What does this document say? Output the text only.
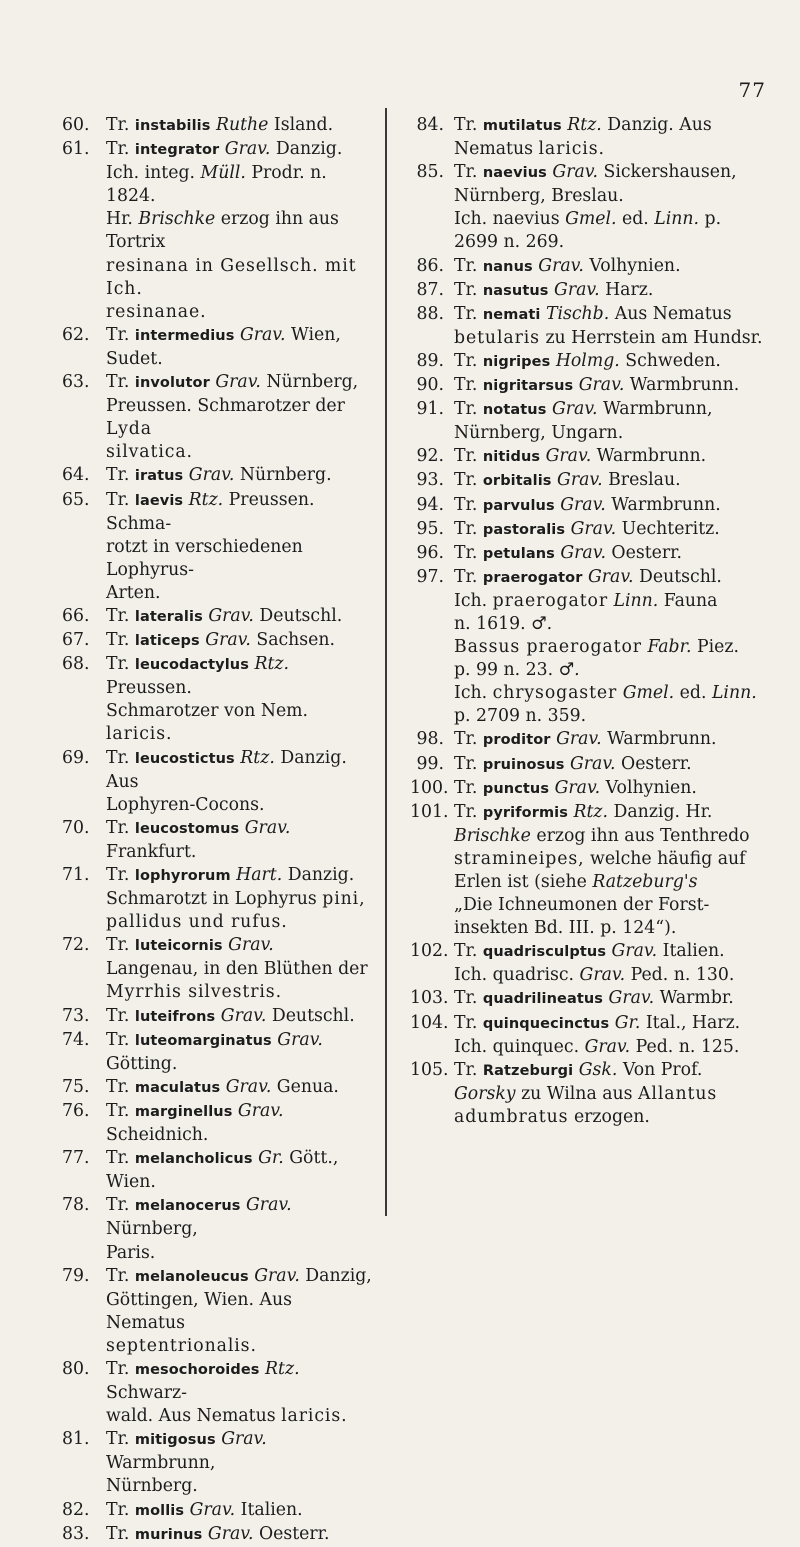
77
60. Tr. instabilis Ruthe Island.
61. Tr. integrator Grav. Danzig.
Ich. integ. Müll. Prodr. n. 1824.
Hr. Brischke erzog ihn aus Tortrix
resinana in Gesellsch. mit Ich.
resinanae.
62. Tr. intermedius Grav. Wien, Sudet.
63. Tr. involutor Grav. Nürnberg,
Preussen. Schmarotzer der Lyda
silvatica.
64. Tr. iratus Grav. Nürnberg.
65. Tr. laevis Rtz. Preussen. Schma-
rotzt in verschiedenen Lophyrus-
Arten.
66. Tr. lateralis Grav. Deutschl.
67. Tr. laticeps Grav. Sachsen.
68. Tr. leucodactylus Rtz. Preussen.
Schmarotzer von Nem. laricis.
69. Tr. leucostictus Rtz. Danzig. Aus
Lophyren-Cocons.
70. Tr. leucostomus Grav. Frankfurt.
71. Tr. lophyrorum Hart. Danzig.
Schmarotzt in Lophyrus pini,
pallidus und rufus.
72. Tr. luteicornis Grav.
Langenau, in den Blüthen der
Myrrhis silvestris.
73. Tr. luteifrons Grav. Deutschl.
74. Tr. luteomarginatus Grav. Götting.
75. Tr. maculatus Grav. Genua.
76. Tr. marginellus Grav. Scheidnich.
77. Tr. melancholicus Gr. Gött., Wien.
78. Tr. melanocerus Grav. Nürnberg,
Paris.
79. Tr. melanoleucus Grav. Danzig,
Göttingen, Wien. Aus Nematus
septentrionalis.
80. Tr. mesochoroides Rtz. Schwarz-
wald. Aus Nematus laricis.
81. Tr. mitigosus Grav. Warmbrunn,
Nürnberg.
82. Tr. mollis Grav. Italien.
83. Tr. murinus Grav. Oesterr.
84. Tr. mutilatus Rtz. Danzig. Aus
Nematus laricis.
85. Tr. naevius Grav. Sickershausen,
Nürnberg, Breslau.
Ich. naevius Gmel. ed. Linn. p.
2699 n. 269.
86. Tr. nanus Grav. Volhynien.
87. Tr. nasutus Grav. Harz.
88. Tr. nemati Tischb. Aus Nematus
betularis zu Herrstein am Hundsr.
89. Tr. nigripes Holmg. Schweden.
90. Tr. nigritarsus Grav. Warmbrunn.
91. Tr. notatus Grav. Warmbrunn,
Nürnberg, Ungarn.
92. Tr. nitidus Grav. Warmbrunn.
93. Tr. orbitalis Grav. Breslau.
94. Tr. parvulus Grav. Warmbrunn.
95. Tr. pastoralis Grav. Uechteritz.
96. Tr. petulans Grav. Oesterr.
97. Tr. praerogator Grav. Deutschl.
Ich. praerogator Linn. Fauna
n. 1619. ♂.
Bassus praerogator Fabr. Piez.
p. 99 n. 23. ♂.
Ich. chrysogaster Gmel. ed. Linn.
p. 2709 n. 359.
98. Tr. proditor Grav. Warmbrunn.
99. Tr. pruinosus Grav. Oesterr.
100. Tr. punctus Grav. Volhynien.
101. Tr. pyriformis Rtz. Danzig. Hr.
Brischke erzog ihn aus Tenthredo
stramineipes, welche häufig auf
Erlen ist (siehe Ratzeburg's
„Die Ichneumonen der Forst-
insekten Bd. III. p. 124“).
102. Tr. quadrisculptus Grav. Italien.
Ich. quadrisc. Grav. Ped. n. 130.
103. Tr. quadrilineatus Grav. Warmbr.
104. Tr. quinquecinctus Gr. Ital., Harz.
Ich. quinquec. Grav. Ped. n. 125.
105. Tr. Ratzeburgi Gsk. Von Prof.
Gorsky zu Wilna aus Allantus
adumbratus erzogen.
